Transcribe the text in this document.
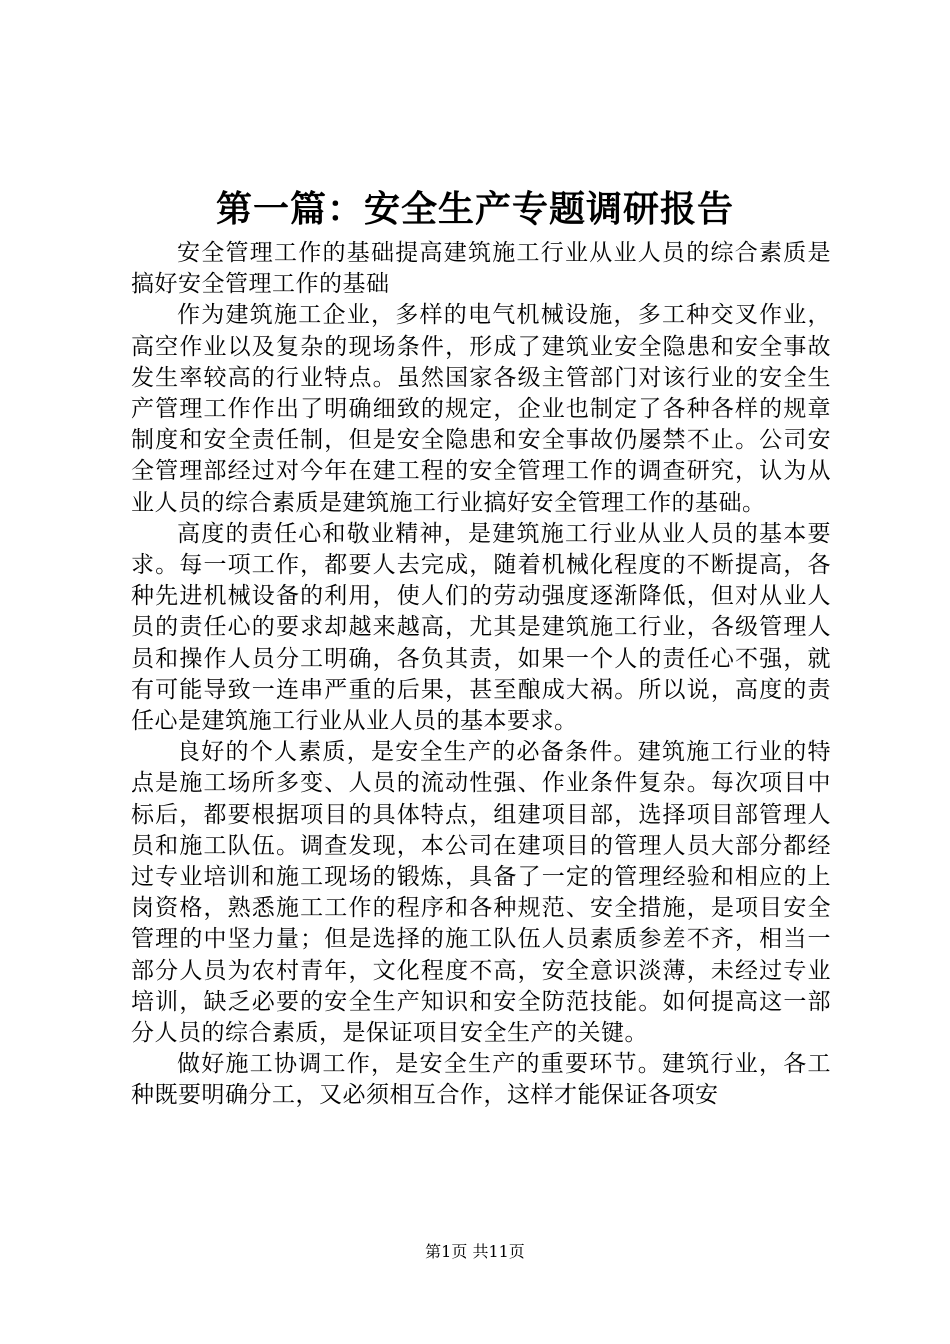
第一篇：安全生产专题调研报告

安全管理工作的基础提高建筑施工行业从业人员的综合素质是搞好安全管理工作的基础

作为建筑施工企业，多样的电气机械设施，多工种交叉作业，高空作业以及复杂的现场条件，形成了建筑业安全隐患和安全事故发生率较高的行业特点。虽然国家各级主管部门对该行业的安全生产管理工作作出了明确细致的规定，企业也制定了各种各样的规章制度和安全责任制，但是安全隐患和安全事故仍屡禁不止。公司安全管理部经过对今年在建工程的安全管理工作的调查研究，认为从业人员的综合素质是建筑施工行业搞好安全管理工作的基础。

高度的责任心和敬业精神，是建筑施工行业从业人员的基本要求。每一项工作，都要人去完成，随着机械化程度的不断提高，各种先进机械设备的利用，使人们的劳动强度逐渐降低，但对从业人员的责任心的要求却越来越高，尤其是建筑施工行业，各级管理人员和操作人员分工明确，各负其责，如果一个人的责任心不强，就有可能导致一连串严重的后果，甚至酿成大祸。所以说，高度的责任心是建筑施工行业从业人员的基本要求。

良好的个人素质，是安全生产的必备条件。建筑施工行业的特点是施工场所多变、人员的流动性强、作业条件复杂。每次项目中标后，都要根据项目的具体特点，组建项目部，选择项目部管理人员和施工队伍。调查发现，本公司在建项目的管理人员大部分都经过专业培训和施工现场的锻炼，具备了一定的管理经验和相应的上岗资格，熟悉施工工作的程序和各种规范、安全措施，是项目安全管理的中坚力量；但是选择的施工队伍人员素质参差不齐，相当一部分人员为农村青年，文化程度不高，安全意识淡薄，未经过专业培训，缺乏必要的安全生产知识和安全防范技能。如何提高这一部分人员的综合素质，是保证项目安全生产的关键。

做好施工协调工作，是安全生产的重要环节。建筑行业，各工种既要明确分工，又必须相互合作，这样才能保证各项安

第1页 共11页
